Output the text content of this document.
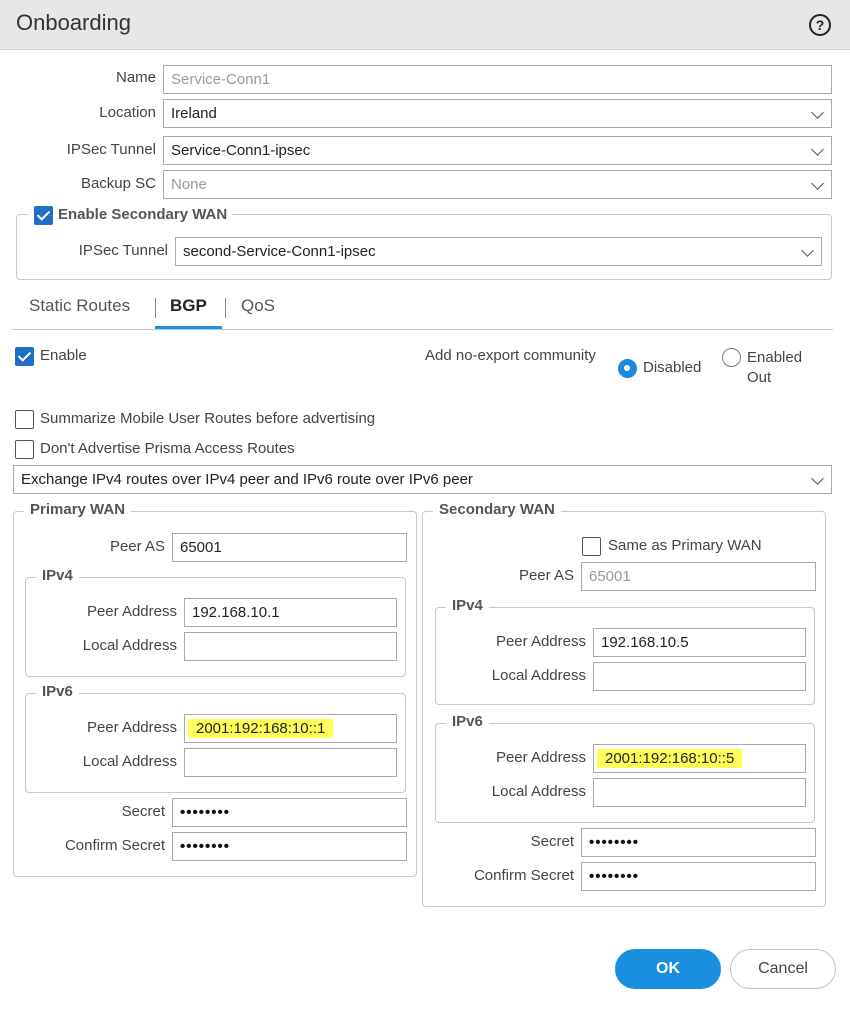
Onboarding	?
Name	Service-Conn1
Location	Ireland
IPSec Tunnel	Service-Conn1-ipsec
Backup SC	None
Enable Secondary WAN
IPSec Tunnel	second-Service-Conn1-ipsec
Static Routes BGP QoS
Enable	Add no-export community
Disabled
Enabled
Out
Summarize Mobile User Routes before advertising
Don't Advertise Prisma Access Routes
Exchange IPv4 routes over IPv4 peer and IPv6 route over IPv6 peer
Primary WAN
Peer AS	65001
IPv4
Peer Address	192.168.10.1
Local Address
IPv6
Peer Address	2001:192:168:10::1
Local Address
Secret	••••••••
Confirm Secret	••••••••
Secondary WAN
Same as Primary WAN
Peer AS	65001
IPv4
Peer Address	192.168.10.5
Local Address
IPv6
Peer Address	2001:192:168:10::5
Local Address
Secret	••••••••
Confirm Secret	••••••••
OK	Cancel
